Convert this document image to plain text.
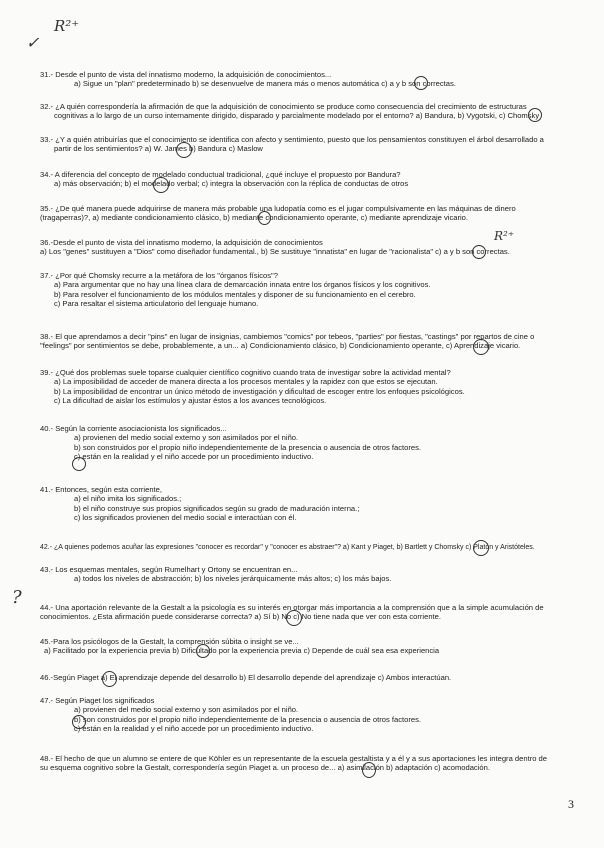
R²⁺
✓
R²⁺
?
31.- Desde el punto de vista del innatismo moderno, la adquisición de conocimientos...
a) Sigue un "plan" predeterminado b) se desenvuelve de manera más o menos automática c) a y b son correctas.
32.- ¿A quién correspondería la afirmación de que la adquisición de conocimiento se produce como consecuencia del crecimiento de estructuras
cognitivas a lo largo de un curso internamente dirigido, disparado y parcialmente modelado por el entorno? a) Bandura, b) Vygotski, c) Chomsky
33.- ¿Y a quién atribuirías que el conocimiento se identifica con afecto y sentimiento, puesto que los pensamientos constituyen el árbol desarrollado a
partir de los sentimientos? a) W. James b) Bandura c) Maslow
34.- A diferencia del concepto de modelado conductual tradicional, ¿qué incluye el propuesto por Bandura?
a) más observación; b) el modelado verbal; c) integra la observación con la réplica de conductas de otros
35.- ¿De qué manera puede adquirirse de manera más probable una ludopatía como es el jugar compulsivamente en las máquinas de dinero
(tragaperras)?, a) mediante condicionamiento clásico, b) mediante condicionamiento operante, c) mediante aprendizaje vicario.
36.-Desde el punto de vista del innatismo moderno, la adquisición de conocimientos
a) Los "genes" sustituyen a "Dios" como diseñador fundamental., b) Se sustituye "innatista" en lugar de "racionalista" c) a y b son correctas.
37.- ¿Por qué Chomsky recurre a la metáfora de los "órganos físicos"?
a) Para argumentar que no hay una línea clara de demarcación innata entre los órganos físicos y los cognitivos.
b) Para resolver el funcionamiento de los módulos mentales y disponer de su funcionamiento en el cerebro.
c) Para resaltar el sistema articulatorio del lenguaje humano.
38.- El que aprendamos a decir "pins" en lugar de insignias, cambiemos "comics" por tebeos, "parties" por fiestas, "castings" por repartos de cine o
"feelings" por sentimientos se debe, probablemente, a un... a) Condicionamiento clásico, b) Condicionamiento operante, c) Aprendizaje vicario.
39.- ¿Qué dos problemas suele toparse cualquier científico cognitivo cuando trata de investigar sobre la actividad mental?
a) La imposibilidad de acceder de manera directa a los procesos mentales y la rapidez con que estos se ejecutan.
b) La imposibilidad de encontrar un único método de investigación y dificultad de escoger entre los enfoques psicológicos.
c) La dificultad de aislar los estímulos y ajustar éstos a los avances tecnológicos.
40.- Según la corriente asociacionista los significados...
a) provienen del medio social externo y son asimilados por el niño.
b) son construidos por el propio niño independientemente de la presencia o ausencia de otros factores.
c) están en la realidad y el niño accede por un procedimiento inductivo.
41.- Entonces, según esta corriente,
a) el niño imita los significados.;
b) el niño construye sus propios significados según su grado de maduración interna.;
c) los significados provienen del medio social e interactúan con él.
42.- ¿A quienes podemos acuñar las expresiones "conocer es recordar" y "conocer es abstraer"? a) Kant y Piaget, b) Bartlett y Chomsky c) Platón y Aristóteles.
43.- Los esquemas mentales, según Rumelhart y Ortony se encuentran en...
a) todos los niveles de abstracción; b) los niveles jerárquicamente más altos; c) los más bajos.
44.- Una aportación relevante de la Gestalt a la psicología es su interés en otorgar más importancia a la comprensión que a la simple acumulación de
conocimientos. ¿Esta afirmación puede considerarse correcta? a) Sí b) No c) No tiene nada que ver con esta corriente.
45.-Para los psicólogos de la Gestalt, la comprensión súbita o insight se ve...
a) Facilitado por la experiencia previa b) Dificultado por la experiencia previa c) Depende de cuál sea esa experiencia
46.-Según Piaget a) El aprendizaje depende del desarrollo b) El desarrollo depende del aprendizaje c) Ambos interactúan.
47.- Según Piaget los significados
a) provienen del medio social externo y son asimilados por el niño.
b) son construidos por el propio niño independientemente de la presencia o ausencia de otros factores.
c) están en la realidad y el niño accede por un procedimiento inductivo.
48.- El hecho de que un alumno se entere de que Köhler es un representante de la escuela gestaltista y a él y a sus aportaciones les integra dentro de
su esquema cognitivo sobre la Gestalt, correspondería según Piaget a. un proceso de... a) asimilación b) adaptación c) acomodación.
3
